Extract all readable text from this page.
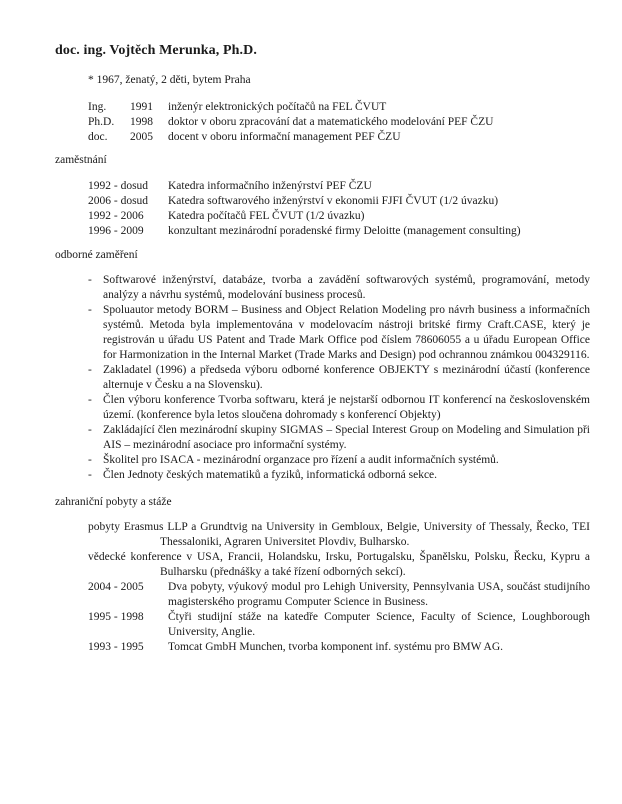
doc. ing. Vojtěch Merunka, Ph.D.

* 1967, ženatý, 2 děti, bytem Praha

Ing.	1991	inženýr elektronických počítačů na FEL ČVUT
Ph.D.	1998	doktor v oboru zpracování dat a matematického modelování PEF ČZU
doc.	2005	docent v oboru informační management PEF ČZU

zaměstnání

1992 - dosud	Katedra informačního inženýrství PEF ČZU
2006 - dosud	Katedra softwarového inženýrství v ekonomii FJFI ČVUT (1/2 úvazku)
1992 - 2006	Katedra počítačů FEL ČVUT (1/2 úvazku)
1996 - 2009	konzultant mezinárodní poradenské firmy Deloitte (management consulting)

odborné zaměření

- Softwarové inženýrství, databáze, tvorba a zavádění softwarových systémů, programování, metody analýzy a návrhu systémů, modelování business procesů.

- Spoluautor metody BORM – Business and Object Relation Modeling pro návrh business a informačních systémů. Metoda byla implementována v modelovacím nástroji britské firmy Craft.CASE, který je registrován u úřadu US Patent and Trade Mark Office pod číslem 78606055 a u úřadu European Office for Harmonization in the Internal Market (Trade Marks and Design) pod ochrannou známkou 004329116.

- Zakladatel (1996) a předseda výboru odborné konference OBJEKTY s mezinárodní účastí (konference alternuje v Česku a na Slovensku).

- Člen výboru konference Tvorba softwaru, která je nejstarší odbornou IT konferencí na československém území. (konference byla letos sloučena dohromady s konferencí Objekty)

- Zakládající člen mezinárodní skupiny SIGMAS – Special Interest Group on Modeling and Simulation při AIS – mezinárodní asociace pro informační systémy.

- Školitel pro ISACA - mezinárodní organzace pro řízení a audit informačních systémů.

- Člen Jednoty českých matematiků a fyziků, informatická odborná sekce.

zahraniční pobyty a stáže

pobyty Erasmus LLP a Grundtvig na University in Gembloux, Belgie, University of Thessaly, Řecko, TEI Thessaloniki, Agraren Universitet Plovdiv, Bulharsko.

vědecké konference v USA, Francii, Holandsku, Irsku, Portugalsku, Španělsku, Polsku, Řecku, Kypru a Bulharsku (přednášky a také řízení odborných sekcí).

2004 - 2005	Dva pobyty, výukový modul pro Lehigh University, Pennsylvania USA, součást studijního magisterského programu Computer Science in Business.

1995 - 1998	Čtyři studijní stáže na katedře Computer Science, Faculty of Science, Loughborough University, Anglie.

1993 - 1995	Tomcat GmbH Munchen, tvorba komponent inf. systému pro BMW AG.
